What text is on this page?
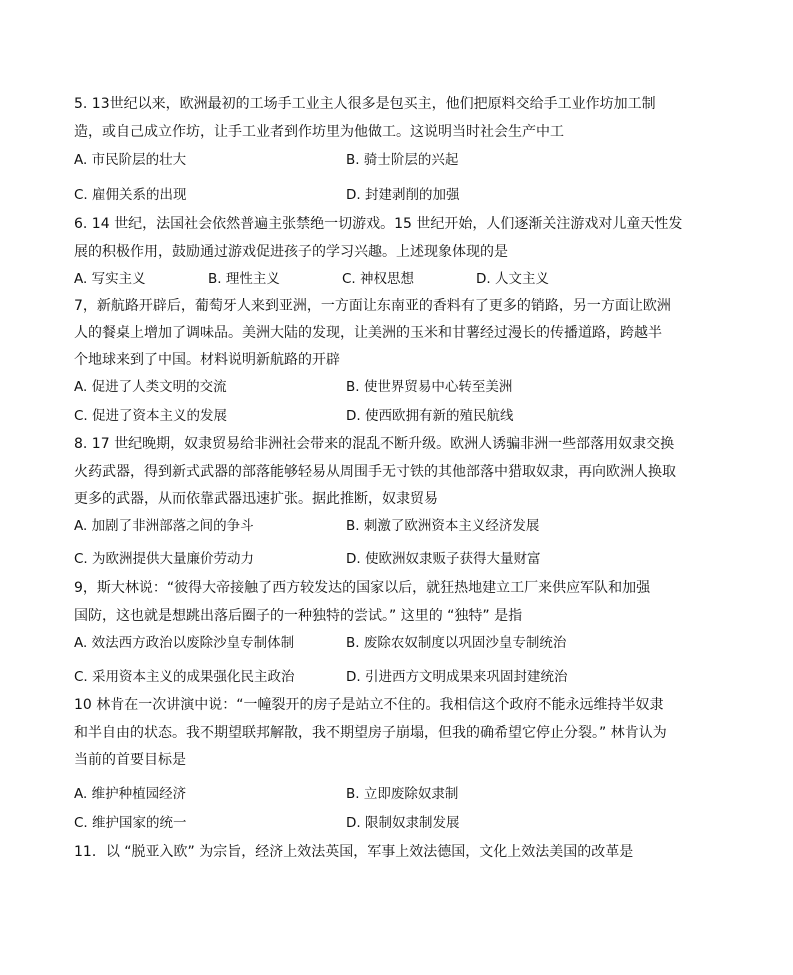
5. 13世纪以来，欧洲最初的工场手工业主人很多是包买主，他们把原料交给手工业作坊加工制
造，或自己成立作坊，让手工业者到作坊里为他做工。这说明当时社会生产中工
A. 市民阶层的壮大	B. 骑士阶层的兴起
C. 雇佣关系的出现	D. 封建剥削的加强
6. 14 世纪，法国社会依然普遍主张禁绝一切游戏。15 世纪开始，人们逐渐关注游戏对儿童天性发
展的积极作用，鼓励通过游戏促进孩子的学习兴趣。上述现象体现的是
A. 写实主义	B. 理性主义	C. 神权思想	D. 人文主义
7，新航路开辟后，葡萄牙人来到亚洲，一方面让东南亚的香料有了更多的销路，另一方面让欧洲
人的餐桌上增加了调味品。美洲大陆的发现，让美洲的玉米和甘薯经过漫长的传播道路，跨越半
个地球来到了中国。材料说明新航路的开辟
A. 促进了人类文明的交流	B. 使世界贸易中心转至美洲
C. 促进了资本主义的发展	D. 使西欧拥有新的殖民航线
8. 17 世纪晚期，奴隶贸易给非洲社会带来的混乱不断升级。欧洲人诱骗非洲一些部落用奴隶交换
火药武器，得到新式武器的部落能够轻易从周围手无寸铁的其他部落中猎取奴隶，再向欧洲人换取
更多的武器，从而依靠武器迅速扩张。据此推断，奴隶贸易
A. 加剧了非洲部落之间的争斗	B. 刺激了欧洲资本主义经济发展
C. 为欧洲提供大量廉价劳动力	D. 使欧洲奴隶贩子获得大量财富
9，斯大林说：“彼得大帝接触了西方较发达的国家以后，就狂热地建立工厂来供应军队和加强
国防，这也就是想跳出落后圈子的一种独特的尝试。” 这里的 “独特” 是指
A. 效法西方政治以废除沙皇专制体制	B. 废除农奴制度以巩固沙皇专制统治
C. 采用资本主义的成果强化民主政治	D. 引进西方文明成果来巩固封建统治
10 林肯在一次讲演中说：“一幢裂开的房子是站立不住的。我相信这个政府不能永远维持半奴隶
和半自由的状态。我不期望联邦解散，我不期望房子崩塌，但我的确希望它停止分裂。” 林肯认为
当前的首要目标是
A. 维护种植园经济	B. 立即废除奴隶制
C. 维护国家的统一	D. 限制奴隶制发展
11．以 “脱亚入欧” 为宗旨，经济上效法英国，军事上效法德国，文化上效法美国的改革是
